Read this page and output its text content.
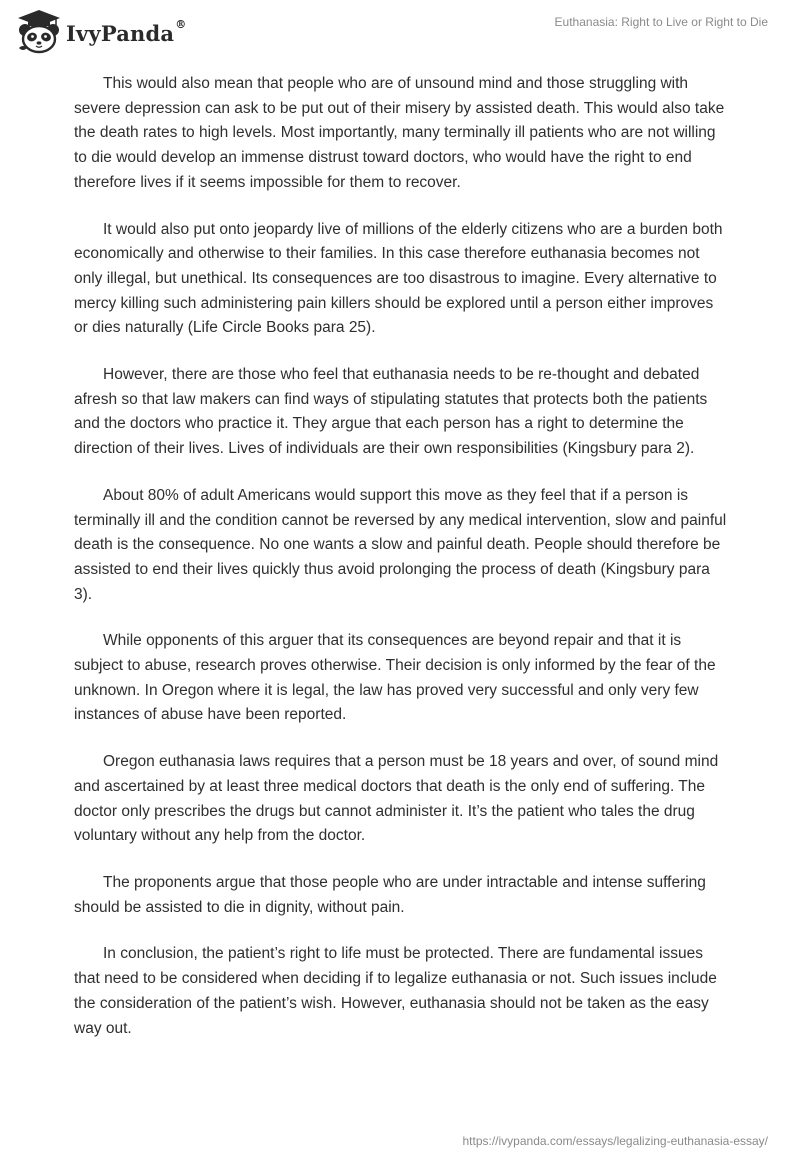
IvyPanda®	Euthanasia: Right to Live or Right to Die

This would also mean that people who are of unsound mind and those struggling with severe depression can ask to be put out of their misery by assisted death. This would also take the death rates to high levels. Most importantly, many terminally ill patients who are not willing to die would develop an immense distrust toward doctors, who would have the right to end therefore lives if it seems impossible for them to recover.

It would also put onto jeopardy live of millions of the elderly citizens who are a burden both economically and otherwise to their families. In this case therefore euthanasia becomes not only illegal, but unethical. Its consequences are too disastrous to imagine. Every alternative to mercy killing such administering pain killers should be explored until a person either improves or dies naturally (Life Circle Books para 25).

However, there are those who feel that euthanasia needs to be re-thought and debated afresh so that law makers can find ways of stipulating statutes that protects both the patients and the doctors who practice it. They argue that each person has a right to determine the direction of their lives. Lives of individuals are their own responsibilities (Kingsbury para 2).

About 80% of adult Americans would support this move as they feel that if a person is terminally ill and the condition cannot be reversed by any medical intervention, slow and painful death is the consequence. No one wants a slow and painful death. People should therefore be assisted to end their lives quickly thus avoid prolonging the process of death (Kingsbury para 3).

While opponents of this arguer that its consequences are beyond repair and that it is subject to abuse, research proves otherwise. Their decision is only informed by the fear of the unknown. In Oregon where it is legal, the law has proved very successful and only very few instances of abuse have been reported.

Oregon euthanasia laws requires that a person must be 18 years and over, of sound mind and ascertained by at least three medical doctors that death is the only end of suffering. The doctor only prescribes the drugs but cannot administer it. It’s the patient who tales the drug voluntary without any help from the doctor.

The proponents argue that those people who are under intractable and intense suffering should be assisted to die in dignity, without pain.

In conclusion, the patient’s right to life must be protected. There are fundamental issues that need to be considered when deciding if to legalize euthanasia or not. Such issues include the consideration of the patient’s wish. However, euthanasia should not be taken as the easy way out.

https://ivypanda.com/essays/legalizing-euthanasia-essay/
